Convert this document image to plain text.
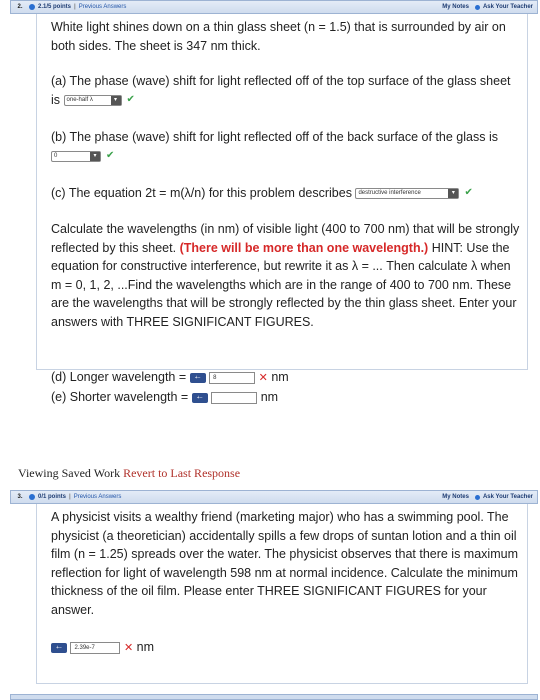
2.	2.1/5 points | Previous Answers	My Notes	Ask Your Teacher
White light shines down on a thin glass sheet (n = 1.5) that is surrounded by air on both sides. The sheet is 347 nm thick.
(a) The phase (wave) shift for light reflected off of the top surface of the glass sheet is one-half λ	▾ ✔
(b) The phase (wave) shift for light reflected off of the back surface of the glass is
0	▾ ✔
(c) The equation 2t = m(λ/n) for this problem describes destructive interference	▾ ✔
Calculate the wavelengths (in nm) of visible light (400 to 700 nm) that will be strongly reflected by this sheet. (There will be more than one wavelength.) HINT: Use the equation for constructive interference, but rewrite it as λ = ... Then calculate λ when m = 0, 1, 2, ...Find the wavelengths which are in the range of 400 to 700 nm. These are the wavelengths that will be strongly reflected by the thin glass sheet. Enter your answers with THREE SIGNIFICANT FIGURES.
(d) Longer wavelength = +− 8	✕ nm
(e) Shorter wavelength = +−	nm
Viewing Saved Work Revert to Last Response
3.	0/1 points | Previous Answers	My Notes	Ask Your Teacher
A physicist visits a wealthy friend (marketing major) who has a swimming pool. The physicist (a theoretician) accidentally spills a few drops of suntan lotion and a thin oil film (n = 1.25) spreads over the water. The physicist observes that there is maximum reflection for light of wavelength 598 nm at normal incidence. Calculate the minimum thickness of the oil film. Please enter THREE SIGNIFICANT FIGURES for your answer.
+− 2.39e-7	✕ nm
